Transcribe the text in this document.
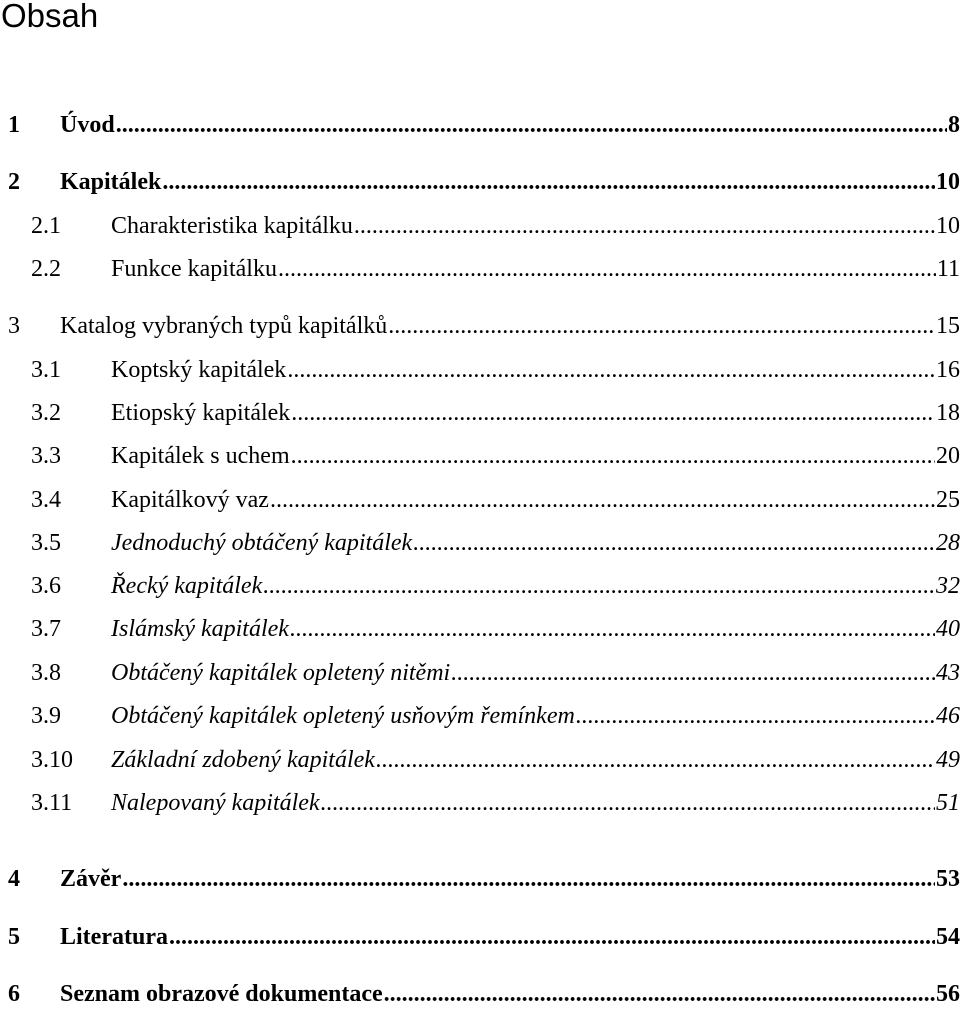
Obsah
1 Úvod .....	8
2 Kapitálek .....	10
2.1 Charakteristika kapitálku .....	10
2.2 Funkce kapitálku .....	11
3 Katalog vybraných typů kapitálků .....	15
3.1 Koptský kapitálek .....	16
3.2 Etiopský kapitálek .....	18
3.3 Kapitálek s uchem .....	20
3.4 Kapitálkový vaz .....	25
3.5 Jednoduchý obtáčený kapitálek .....	28
3.6 Řecký kapitálek .....	32
3.7 Islámský kapitálek .....	40
3.8 Obtáčený kapitálek opletený nitěmi .....	43
3.9 Obtáčený kapitálek opletený usňovým řemínkem .....	46
3.10 Základní zdobený kapitálek .....	49
3.11 Nalepovaný kapitálek .....	51
4 Závěr .....	53
5 Literatura .....	54
6 Seznam obrazové dokumentace .....	56
